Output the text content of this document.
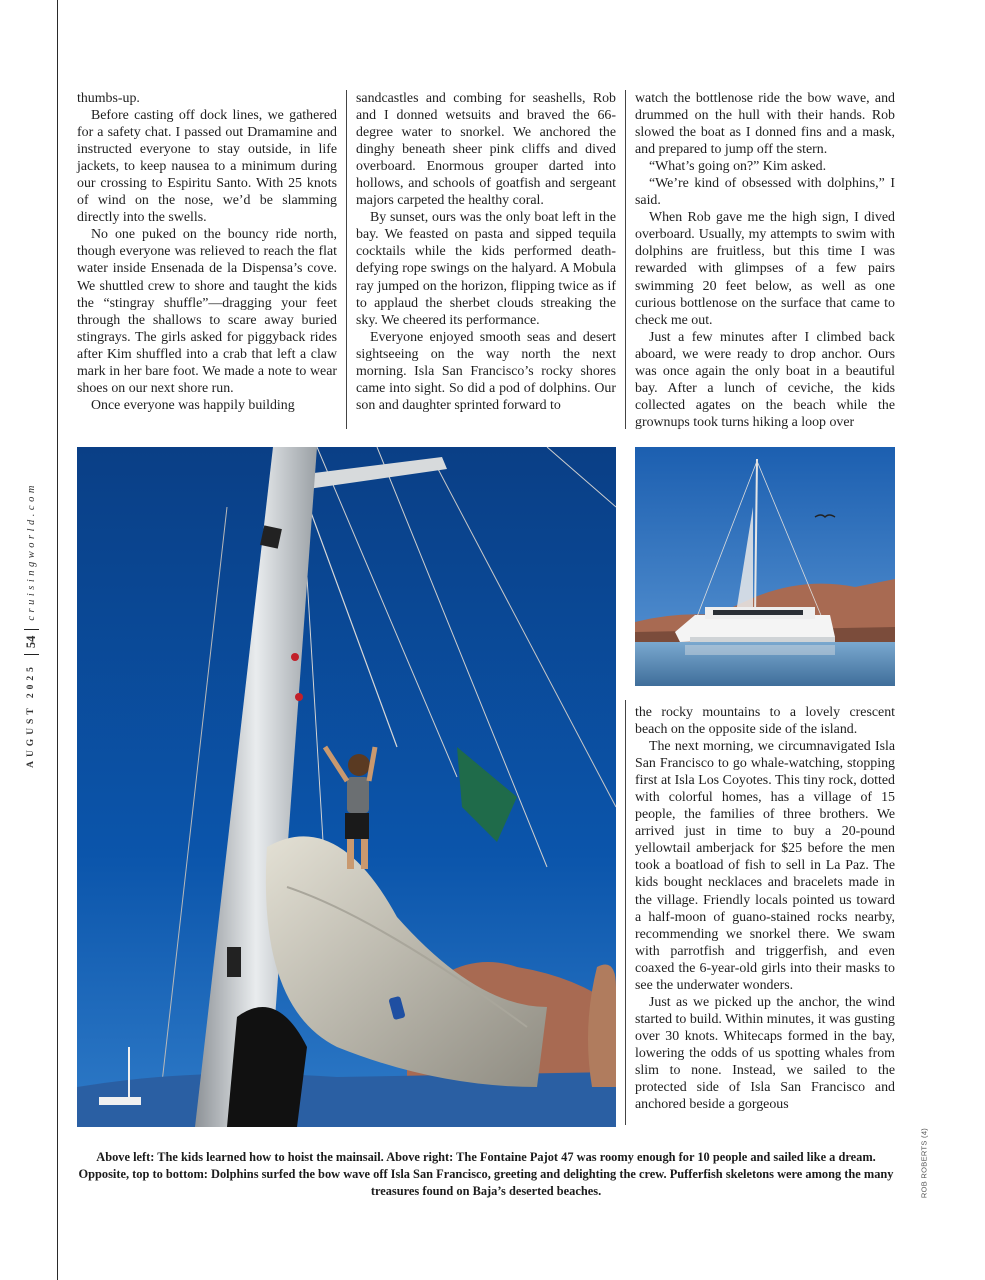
AUGUST 2025
54
cruisingworld.com

thumbs-up.

Before casting off dock lines, we gathered for a safety chat. I passed out Dramamine and instructed everyone to stay outside, in life jackets, to keep nausea to a minimum during our crossing to Espiritu Santo. With 25 knots of wind on the nose, we’d be slamming directly into the swells.

No one puked on the bouncy ride north, though everyone was relieved to reach the flat water inside Ensenada de la Dispensa’s cove. We shuttled crew to shore and taught the kids the “stingray shuffle”—dragging your feet through the shallows to scare away buried stingrays. The girls asked for piggyback rides after Kim shuffled into a crab that left a claw mark in her bare foot. We made a note to wear shoes on our next shore run.

Once everyone was happily building

sandcastles and combing for seashells, Rob and I donned wetsuits and braved the 66-degree water to snorkel. We anchored the dinghy beneath sheer pink cliffs and dived overboard. Enormous grouper darted into hollows, and schools of goatfish and sergeant majors carpeted the healthy coral.

By sunset, ours was the only boat left in the bay. We feasted on pasta and sipped tequila cocktails while the kids performed death-defying rope swings on the halyard. A Mobula ray jumped on the horizon, flipping twice as if to applaud the sherbet clouds streaking the sky. We cheered its performance.

Everyone enjoyed smooth seas and desert sightseeing on the way north the next morning. Isla San Francisco’s rocky shores came into sight. So did a pod of dolphins. Our son and daughter sprinted forward to

watch the bottlenose ride the bow wave, and drummed on the hull with their hands. Rob slowed the boat as I donned fins and a mask, and prepared to jump off the stern.

“What’s going on?” Kim asked.

“We’re kind of obsessed with dolphins,” I said.

When Rob gave me the high sign, I dived overboard. Usually, my attempts to swim with dolphins are fruitless, but this time I was rewarded with glimpses of a few pairs swimming 20 feet below, as well as one curious bottlenose on the surface that came to check me out.

Just a few minutes after I climbed back aboard, we were ready to drop anchor. Ours was once again the only boat in a beautiful bay. After a lunch of ceviche, the kids collected agates on the beach while the grownups took turns hiking a loop over

the rocky mountains to a lovely crescent beach on the opposite side of the island.

The next morning, we circumnavigated Isla San Francisco to go whale-watching, stopping first at Isla Los Coyotes. This tiny rock, dotted with colorful homes, has a village of 15 people, the families of three brothers. We arrived just in time to buy a 20-pound yellowtail amberjack for $25 before the men took a boatload of fish to sell in La Paz. The kids bought necklaces and bracelets made in the village. Friendly locals pointed us toward a half-moon of guano-stained rocks nearby, recommending we snorkel there. We swam with parrotfish and triggerfish, and even coaxed the 6-year-old girls into their masks to see the underwater wonders.

Just as we picked up the anchor, the wind started to build. Within minutes, it was gusting over 30 knots. Whitecaps formed in the bay, lowering the odds of us spotting whales from slim to none. Instead, we sailed to the protected side of Isla San Francisco and anchored beside a gorgeous

Above left: The kids learned how to hoist the mainsail. Above right: The Fontaine Pajot 47 was roomy enough for 10 people and sailed like a dream. Opposite, top to bottom: Dolphins surfed the bow wave off Isla San Francisco, greeting and delighting the crew. Pufferfish skeletons were among the many treasures found on Baja’s deserted beaches.	ROB ROBERTS (4)
